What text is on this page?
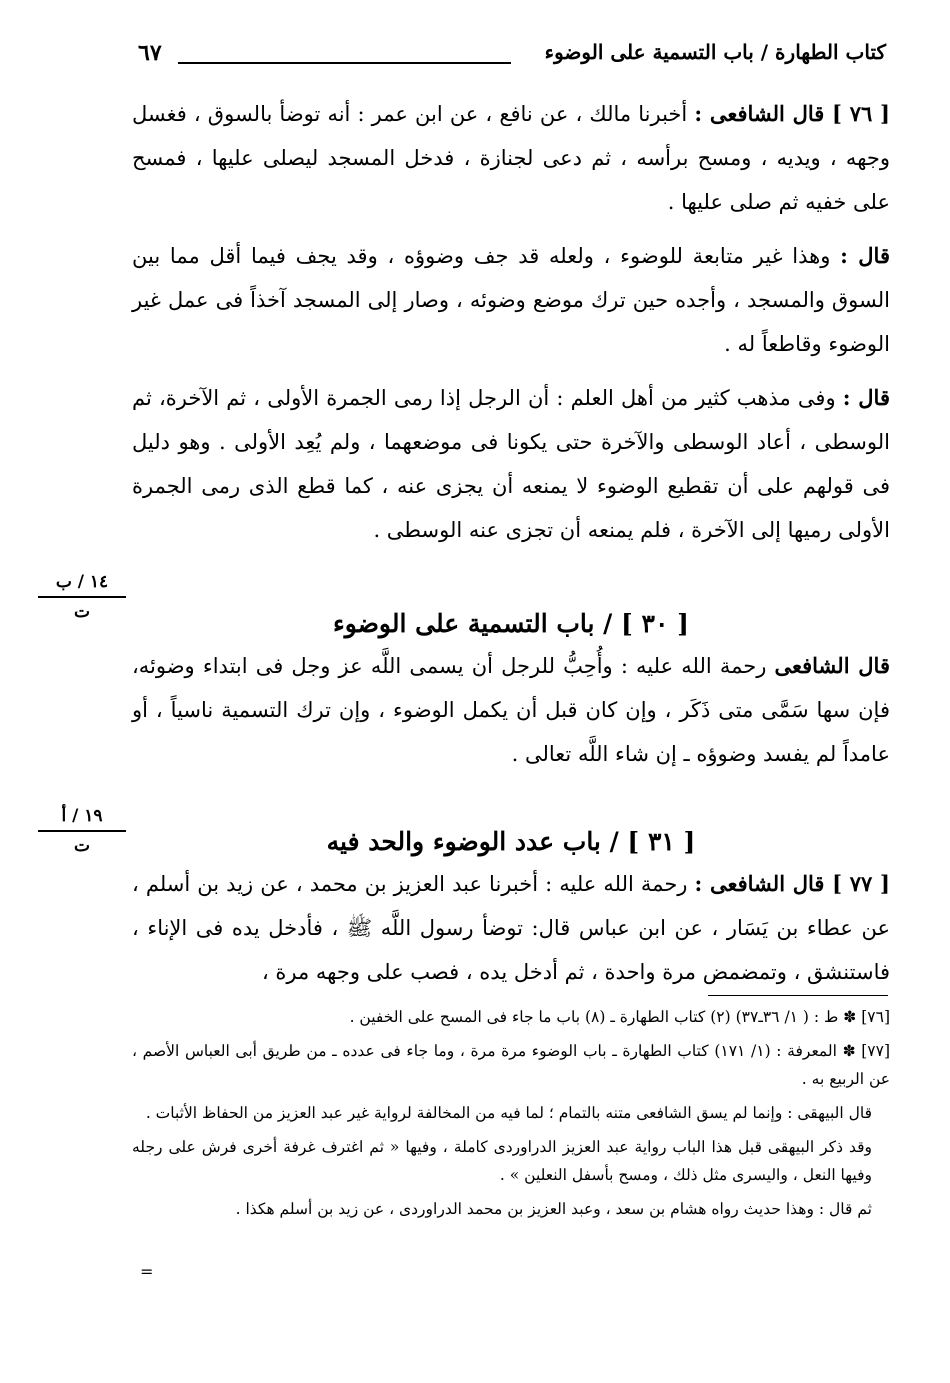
كتاب الطهارة / باب التسمية على الوضوء
٦٧

[ ٧٦ ] قال الشافعى : أخبرنا مالك ، عن نافع ، عن ابن عمر : أنه توضأ بالسوق ، فغسل وجهه ، ويديه ، ومسح برأسه ، ثم دعى لجنازة ، فدخل المسجد ليصلى عليها ، فمسح على خفيه ثم صلى عليها .

قال : وهذا غير متابعة للوضوء ، ولعله قد جف وضوؤه ، وقد يجف فيما أقل مما بين السوق والمسجد ، وأجده حين ترك موضع وضوئه ، وصار إلى المسجد آخذاً فى عمل غير الوضوء وقاطعاً له .

قال : وفى مذهب كثير من أهل العلم : أن الرجل إذا رمى الجمرة الأولى ، ثم الآخرة، ثم الوسطى ، أعاد الوسطى والآخرة حتى يكونا فى موضعهما ، ولم يُعِد الأولى . وهو دليل فى قولهم على أن تقطيع الوضوء لا يمنعه أن يجزى عنه ، كما قطع الذى رمى الجمرة الأولى رميها إلى الآخرة ، فلم يمنعه أن تجزى عنه الوسطى .

[ ٣٠ ] / باب التسمية على الوضوء

قال الشافعى رحمة الله عليه : وأُحِبُّ للرجل أن يسمى اللَّه عز وجل فى ابتداء وضوئه، فإن سها سَمَّى متى ذَكَر ، وإن كان قبل أن يكمل الوضوء ، وإن ترك التسمية ناسياً ، أو عامداً لم يفسد وضوؤه ـ إن شاء اللَّه تعالى .

[ ٣١ ] / باب عدد الوضوء والحد فيه

[ ٧٧ ] قال الشافعى : رحمة الله عليه : أخبرنا عبد العزيز بن محمد ، عن زيد بن أسلم ، عن عطاء بن يَسَار ، عن ابن عباس قال: توضأ رسول اللَّه ﷺ ، فأدخل يده فى الإناء ، فاستنشق ، وتمضمض مرة واحدة ، ثم أدخل يده ، فصب على وجهه مرة ،

١٤ / ب
ت
١٩ / أ
ت

[٧٦] ✽ ط : ( ١/ ٣٦ـ٣٧) (٢) كتاب الطهارة ـ (٨) باب ما جاء فى المسح على الخفين .

[٧٧] ✽ المعرفة : (١/ ١٧١) كتاب الطهارة ـ باب الوضوء مرة مرة ، وما جاء فى عدده ـ من طريق أبى العباس الأصم ، عن الربيع به .

قال البيهقى : وإنما لم يسق الشافعى متنه بالتمام ؛ لما فيه من المخالفة لرواية غير عبد العزيز من الحفاظ الأثبات .

وقد ذكر البيهقى قبل هذا الباب رواية عبد العزيز الدراوردى كاملة ، وفيها « ثم اغترف غرفة أخرى فرش على رجله وفيها النعل ، واليسرى مثل ذلك ، ومسح بأسفل النعلين » .

ثم قال : وهذا حديث رواه هشام بن سعد ، وعبد العزيز بن محمد الدراوردى ، عن زيد بن أسلم هكذا .

=
